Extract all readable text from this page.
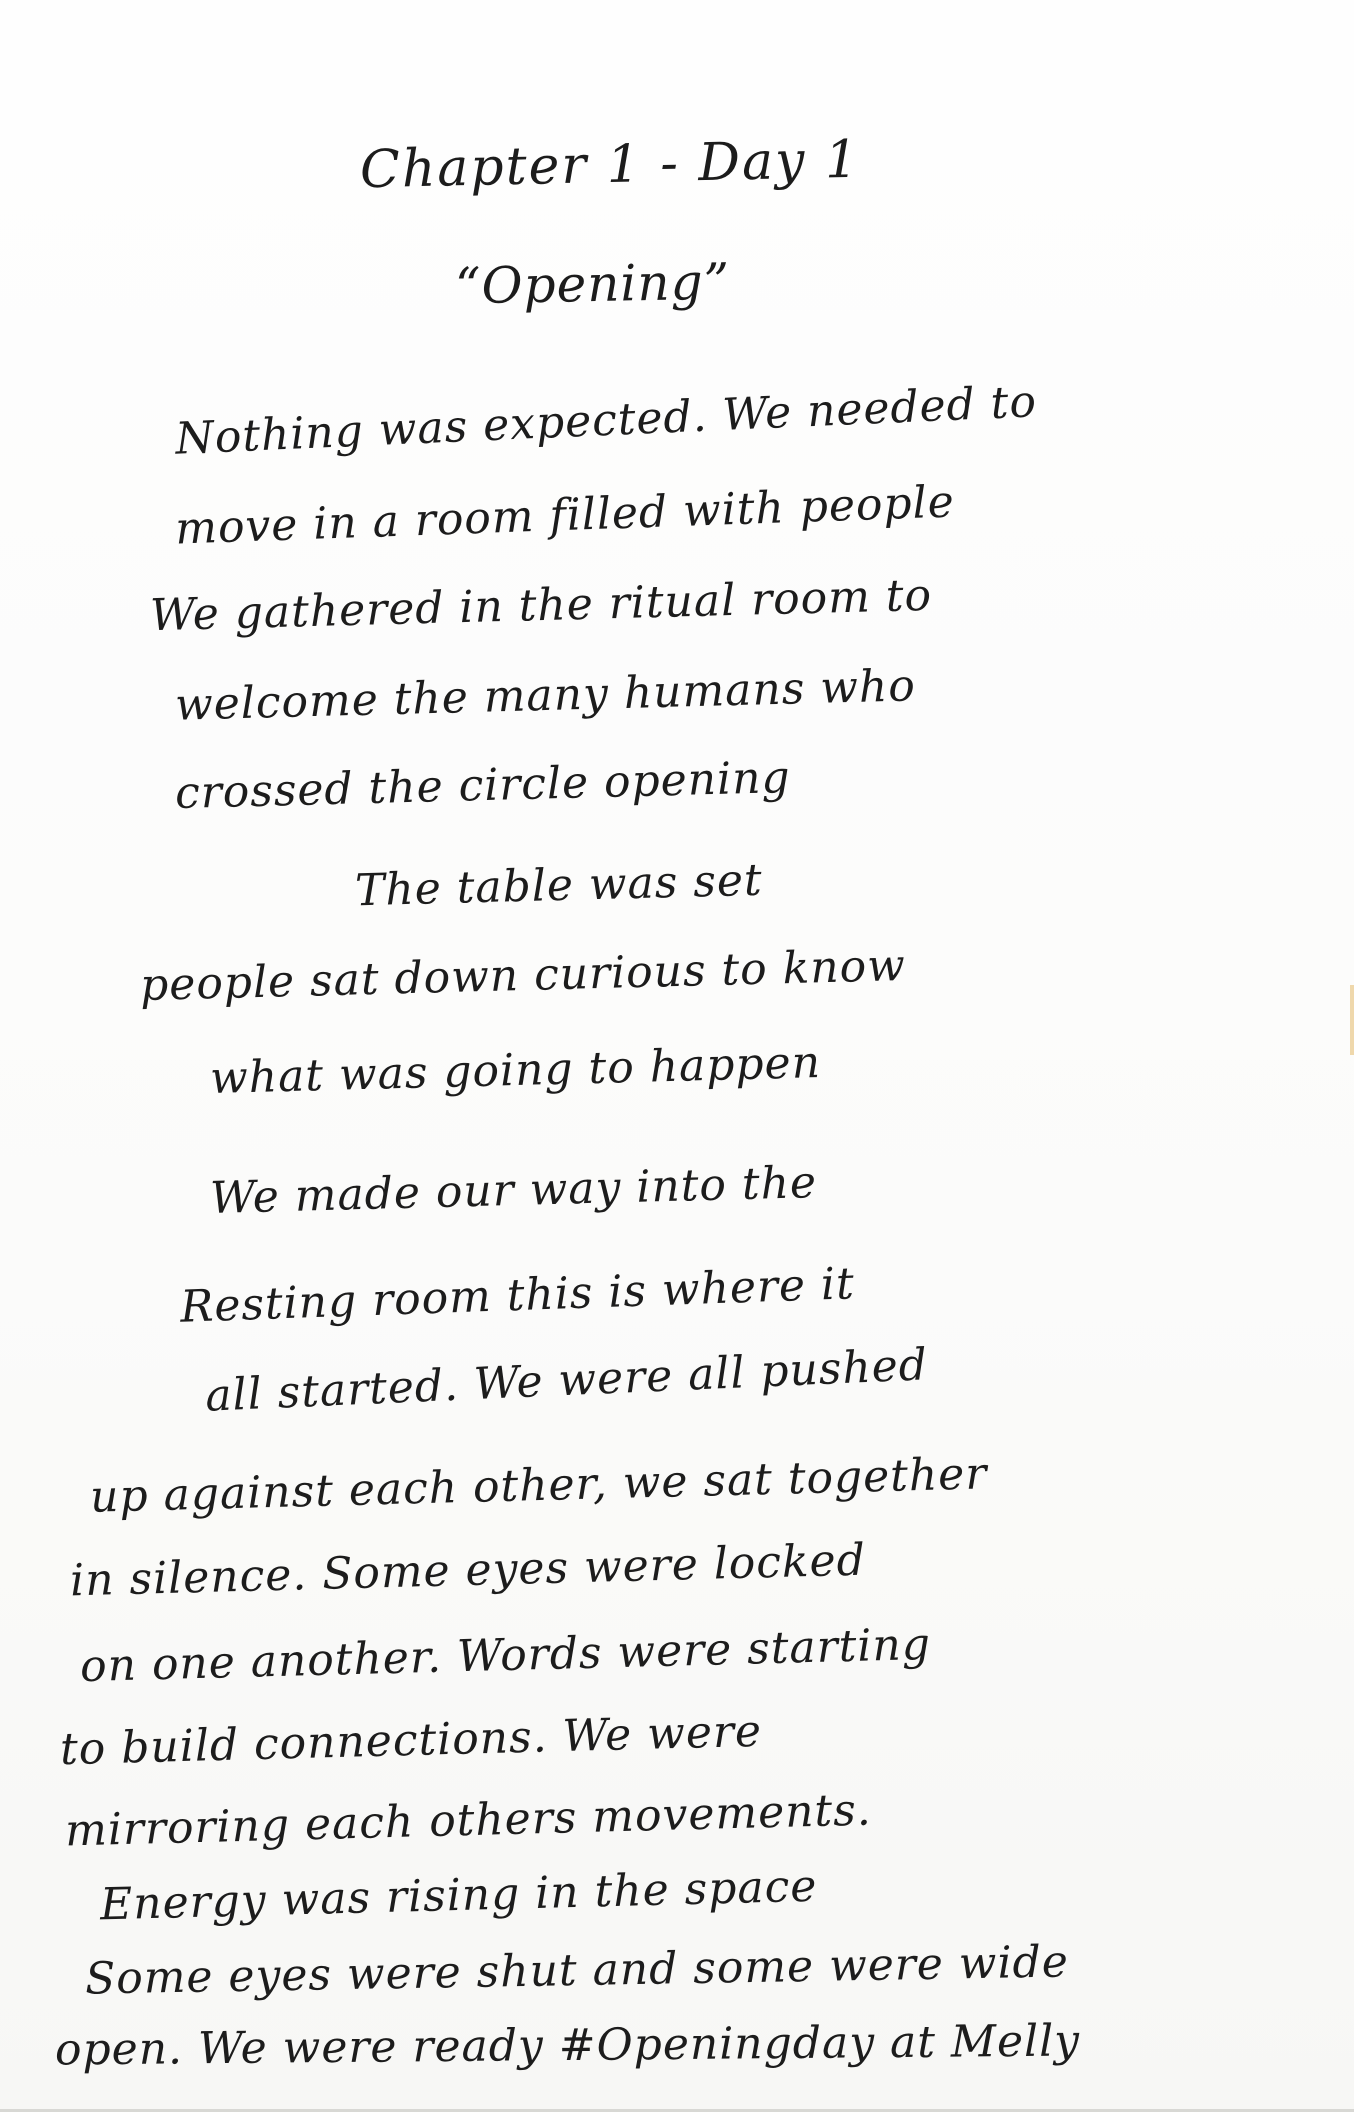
Chapter 1 - Day 1
“Opening”
Nothing was expected. We needed to
move in a room filled with people
We gathered in the ritual room to
welcome the many humans who
crossed the circle opening
The table was set
people sat down curious to know
what was going to happen
We made our way into the
Resting room this is where it
all started. We were all pushed
up against each other, we sat together
in silence. Some eyes were locked
on one another. Words were starting
to build connections. We were
mirroring each others movements.
Energy was rising in the space
Some eyes were shut and some were wide
open. We were ready #Openingday at Melly
